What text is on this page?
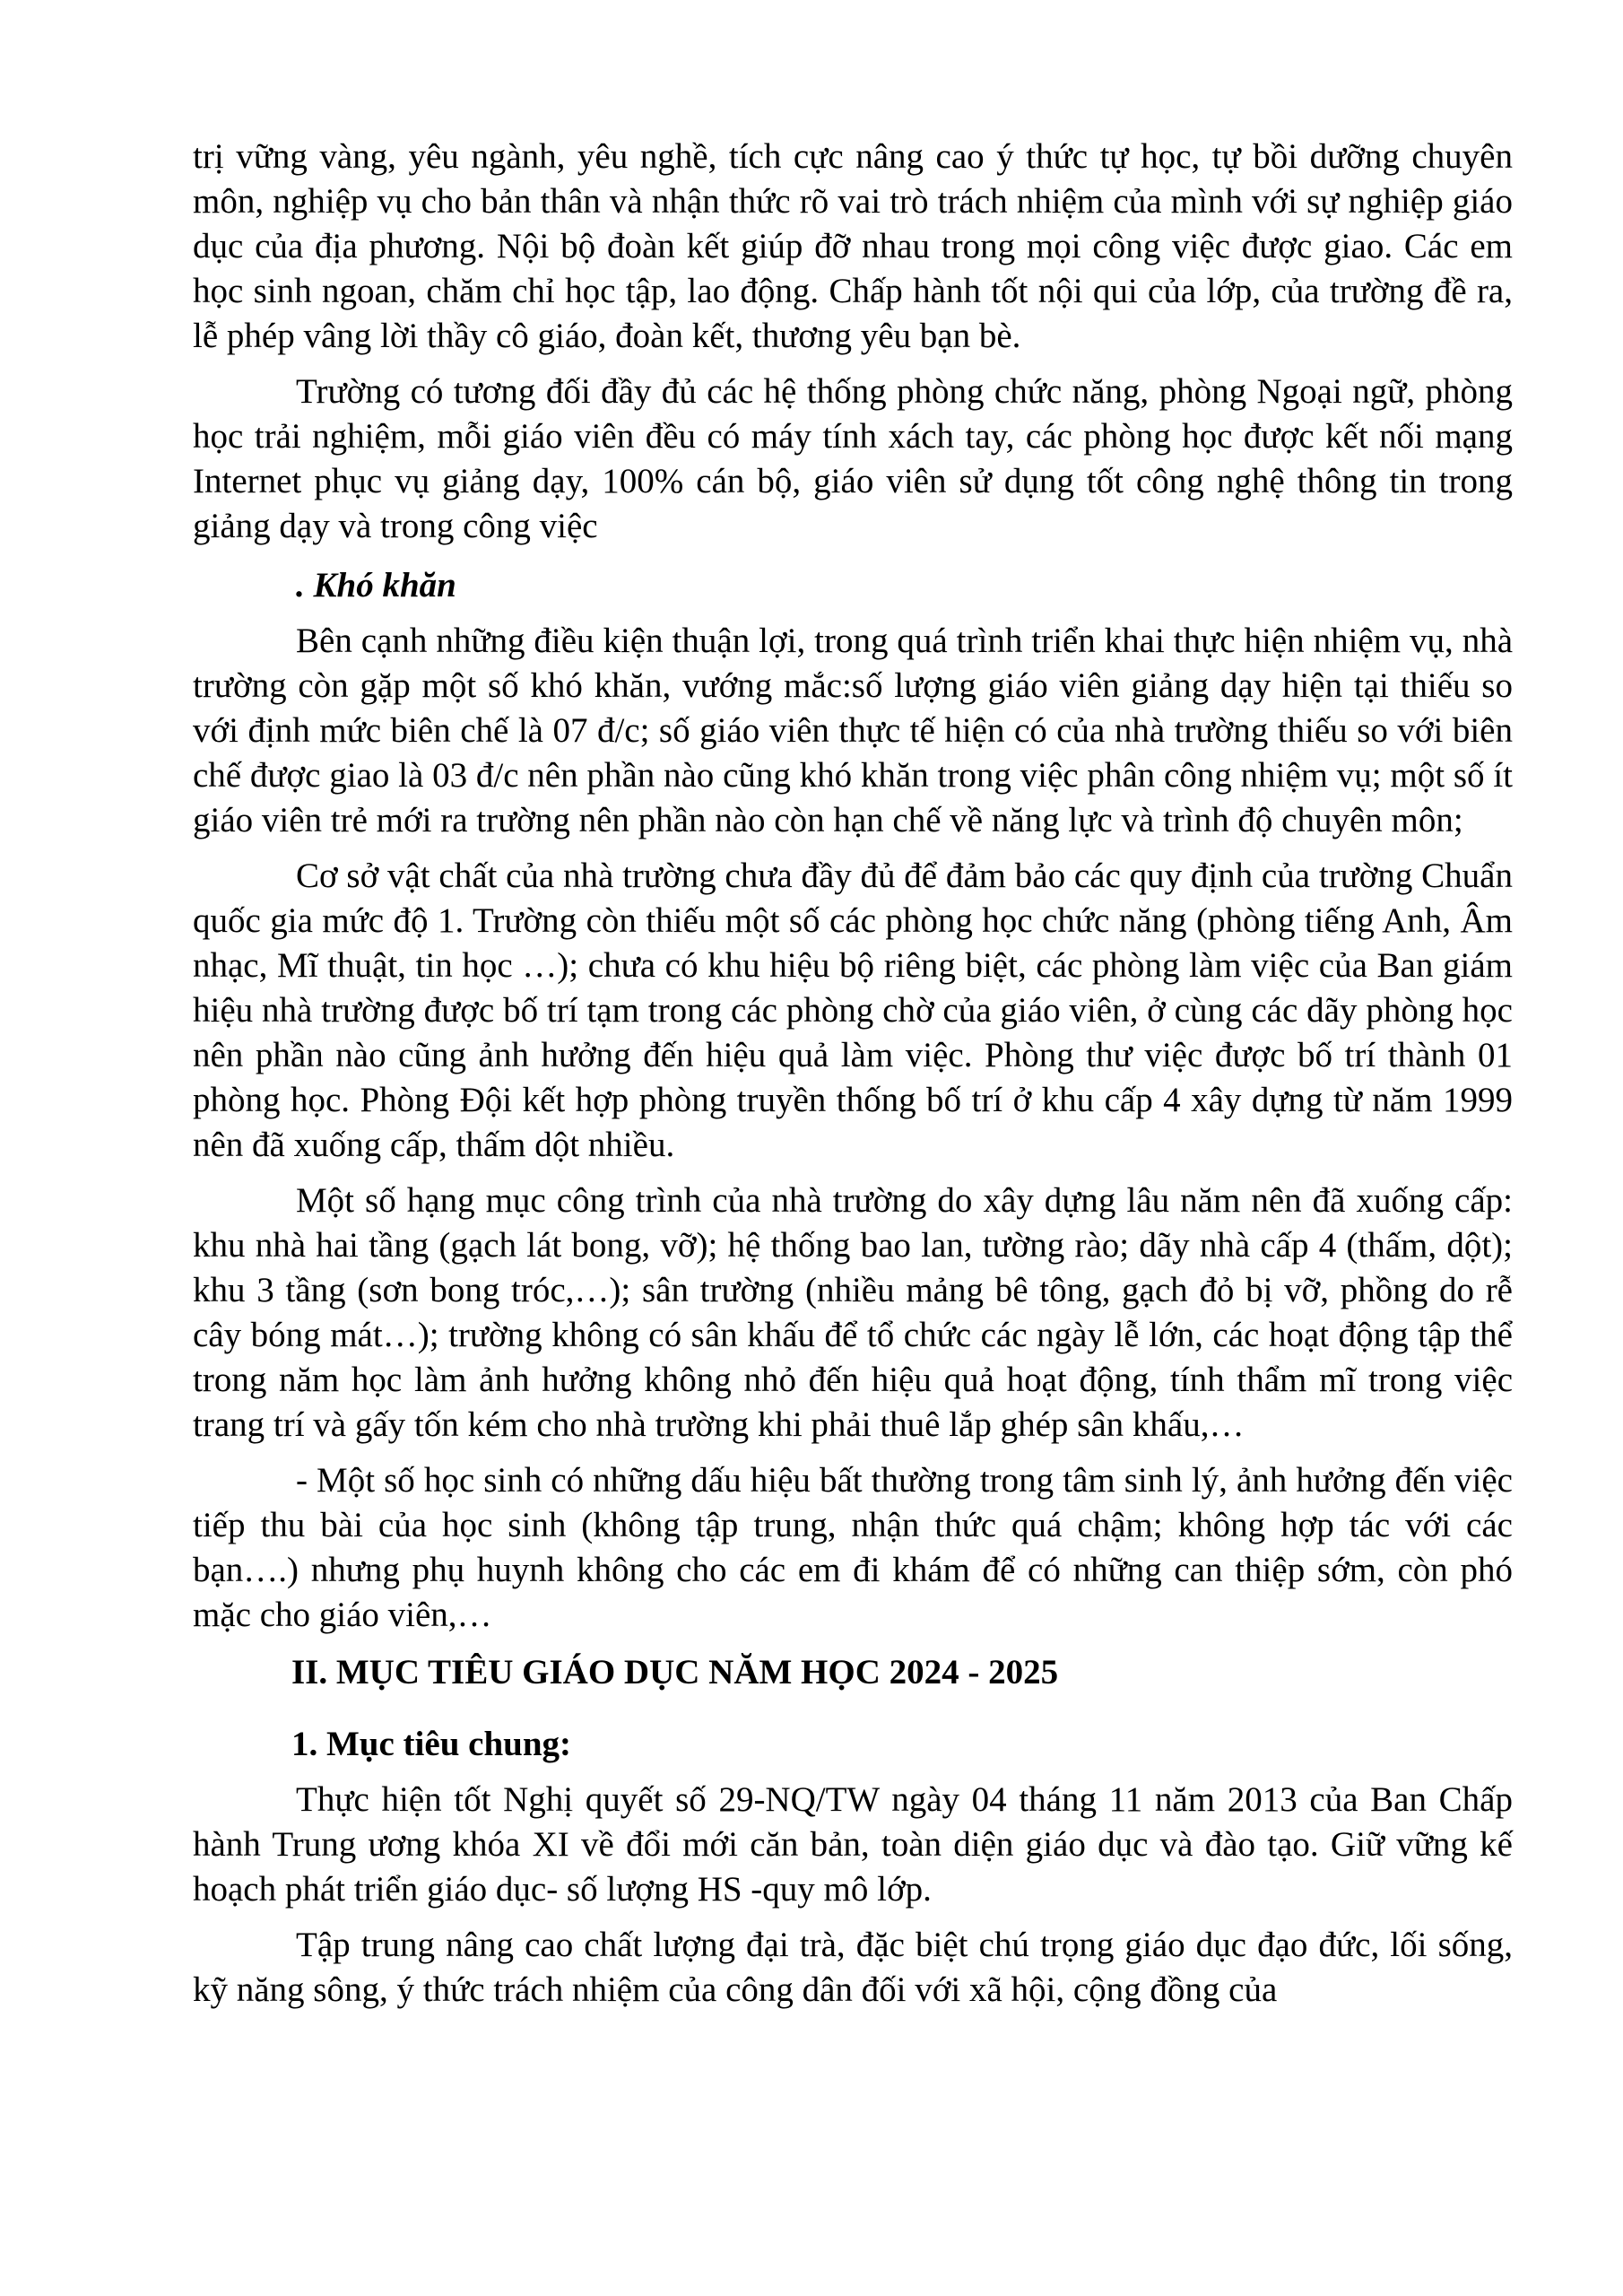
trị vững vàng, yêu ngành, yêu nghề, tích cực nâng cao ý thức tự học, tự bồi dưỡng chuyên môn, nghiệp vụ cho bản thân và nhận thức rõ vai trò trách nhiệm của mình với sự nghiệp giáo dục của địa phương. Nội bộ đoàn kết giúp đỡ nhau trong mọi công việc được giao. Các em học sinh ngoan, chăm chỉ học tập, lao động. Chấp hành tốt nội qui của lớp, của trường đề ra, lễ phép vâng lời thầy cô giáo, đoàn kết, thương yêu bạn bè.

Trường có tương đối đầy đủ các hệ thống phòng chức năng, phòng Ngoại ngữ, phòng học trải nghiệm, mỗi giáo viên đều có máy tính xách tay, các phòng học được kết nối mạng Internet phục vụ giảng dạy, 100% cán bộ, giáo viên sử dụng tốt công nghệ thông tin trong giảng dạy và trong công việc

. Khó khăn

Bên cạnh những điều kiện thuận lợi, trong quá trình triển khai thực hiện nhiệm vụ, nhà trường còn gặp một số khó khăn, vướng mắc:số lượng giáo viên giảng dạy hiện tại thiếu so với định mức biên chế là 07 đ/c; số giáo viên thực tế hiện có của nhà trường thiếu so với biên chế được giao là 03 đ/c nên phần nào cũng khó khăn trong việc phân công nhiệm vụ; một số ít giáo viên trẻ mới ra trường nên phần nào còn hạn chế về năng lực và trình độ chuyên môn;

Cơ sở vật chất của nhà trường chưa đầy đủ để đảm bảo các quy định của trường Chuẩn quốc gia mức độ 1. Trường còn thiếu một số các phòng học chức năng (phòng tiếng Anh, Âm nhạc, Mĩ thuật, tin học …); chưa có khu hiệu bộ riêng biệt, các phòng làm việc của Ban giám hiệu nhà trường được bố trí tạm trong các phòng chờ của giáo viên, ở cùng các dãy phòng học nên phần nào cũng ảnh hưởng đến hiệu quả làm việc. Phòng thư việc được bố trí thành 01 phòng học. Phòng Đội kết hợp phòng truyền thống bố trí ở khu cấp 4 xây dựng từ năm 1999 nên đã xuống cấp, thấm dột nhiều.

Một số hạng mục công trình của nhà trường do xây dựng lâu năm nên đã xuống cấp: khu nhà hai tầng (gạch lát bong, vỡ); hệ thống bao lan, tường rào; dãy nhà cấp 4 (thấm, dột); khu 3 tầng (sơn bong tróc,…); sân trường (nhiều mảng bê tông, gạch đỏ bị vỡ, phồng do rễ cây bóng mát…); trường không có sân khấu để tổ chức các ngày lễ lớn, các hoạt động tập thể trong năm học làm ảnh hưởng không nhỏ đến hiệu quả hoạt động, tính thẩm mĩ trong việc trang trí và gấy tốn kém cho nhà trường khi phải thuê lắp ghép sân khấu,…

- Một số học sinh có những dấu hiệu bất thường trong tâm sinh lý, ảnh hưởng đến việc tiếp thu bài của học sinh (không tập trung, nhận thức quá chậm; không hợp tác với các bạn….) nhưng phụ huynh không cho các em đi khám để có những can thiệp sớm, còn phó mặc cho giáo viên,…

II. MỤC TIÊU GIÁO DỤC NĂM HỌC 2024 - 2025

1. Mục tiêu chung:

Thực hiện tốt Nghị quyết số 29-NQ/TW ngày 04 tháng 11 năm 2013 của Ban Chấp hành Trung ương khóa XI về đổi mới căn bản, toàn diện giáo dục và đào tạo. Giữ vững kế hoạch phát triển giáo dục- số lượng HS -quy mô lớp.

Tập trung nâng cao chất lượng đại trà, đặc biệt chú trọng giáo dục đạo đức, lối sống, kỹ năng sông, ý thức trách nhiệm của công dân đối với xã hội, cộng đồng của
